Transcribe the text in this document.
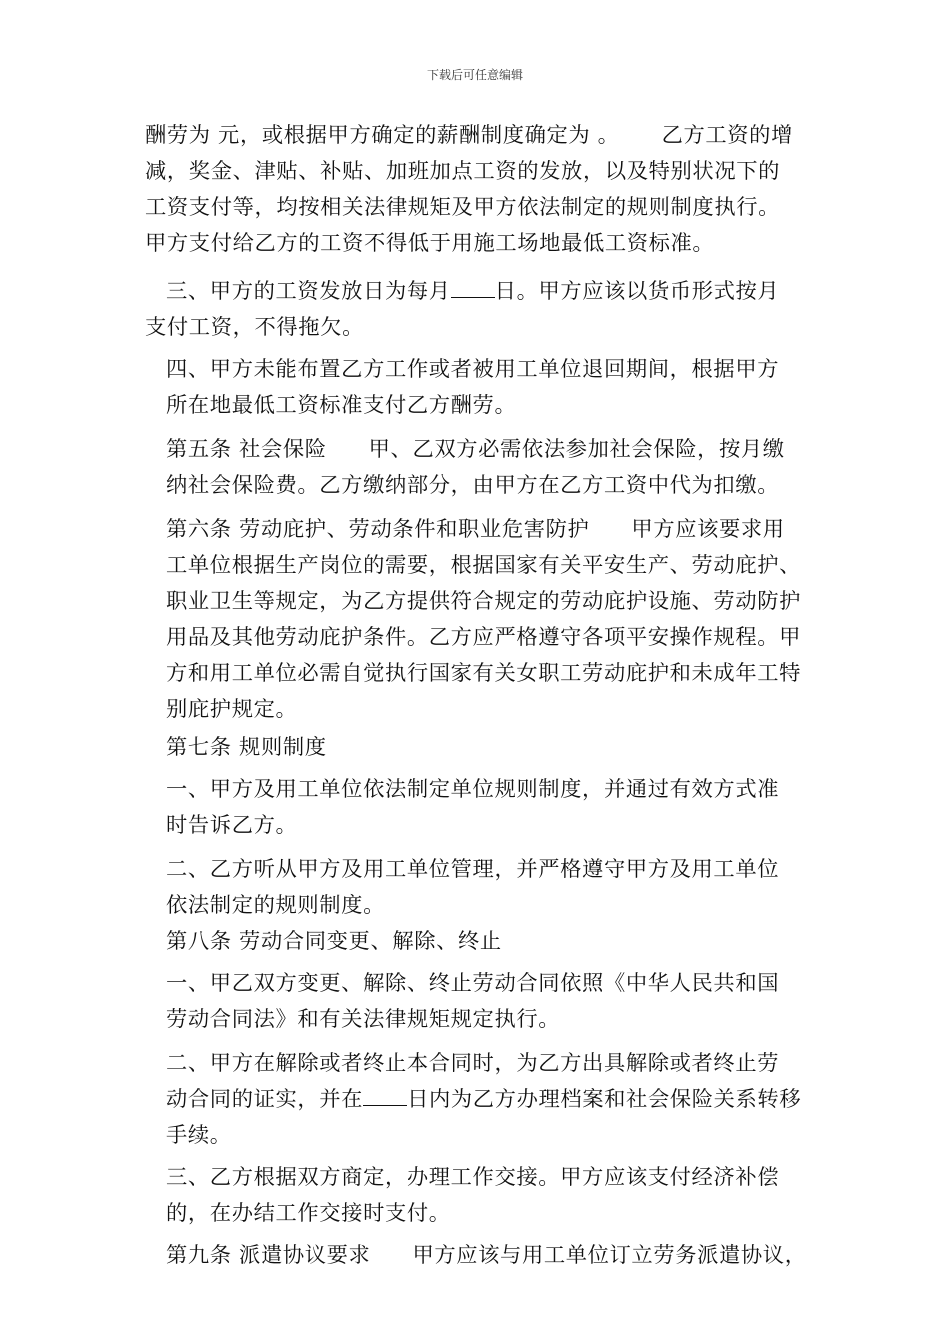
下载后可任意编辑

酬劳为 元，或根据甲方确定的薪酬制度确定为 。 乙方工资的增
减，奖金、津贴、补贴、加班加点工资的发放，以及特别状况下的
工资支付等，均按相关法律规矩及甲方依法制定的规则制度执行。
甲方支付给乙方的工资不得低于用施工场地最低工资标准。

三、甲方的工资发放日为每月 日。甲方应该以货币形式按月
支付工资，不得拖欠。

四、甲方未能布置乙方工作或者被用工单位退回期间，根据甲方
所在地最低工资标准支付乙方酬劳。

第五条 社会保险 甲、乙双方必需依法参加社会保险，按月缴
纳社会保险费。乙方缴纳部分，由甲方在乙方工资中代为扣缴。

第六条 劳动庇护、劳动条件和职业危害防护 甲方应该要求用
工单位根据生产岗位的需要，根据国家有关平安生产、劳动庇护、
职业卫生等规定，为乙方提供符合规定的劳动庇护设施、劳动防护
用品及其他劳动庇护条件。乙方应严格遵守各项平安操作规程。甲
方和用工单位必需自觉执行国家有关女职工劳动庇护和未成年工特
别庇护规定。

第七条 规则制度

一、甲方及用工单位依法制定单位规则制度，并通过有效方式准
时告诉乙方。

二、乙方听从甲方及用工单位管理，并严格遵守甲方及用工单位
依法制定的规则制度。

第八条 劳动合同变更、解除、终止

一、甲乙双方变更、解除、终止劳动合同依照《中华人民共和国
劳动合同法》和有关法律规矩规定执行。

二、甲方在解除或者终止本合同时，为乙方出具解除或者终止劳
动合同的证实，并在 日内为乙方办理档案和社会保险关系转移
手续。

三、乙方根据双方商定，办理工作交接。甲方应该支付经济补偿
的，在办结工作交接时支付。

第九条 派遣协议要求 甲方应该与用工单位订立劳务派遣协议，
